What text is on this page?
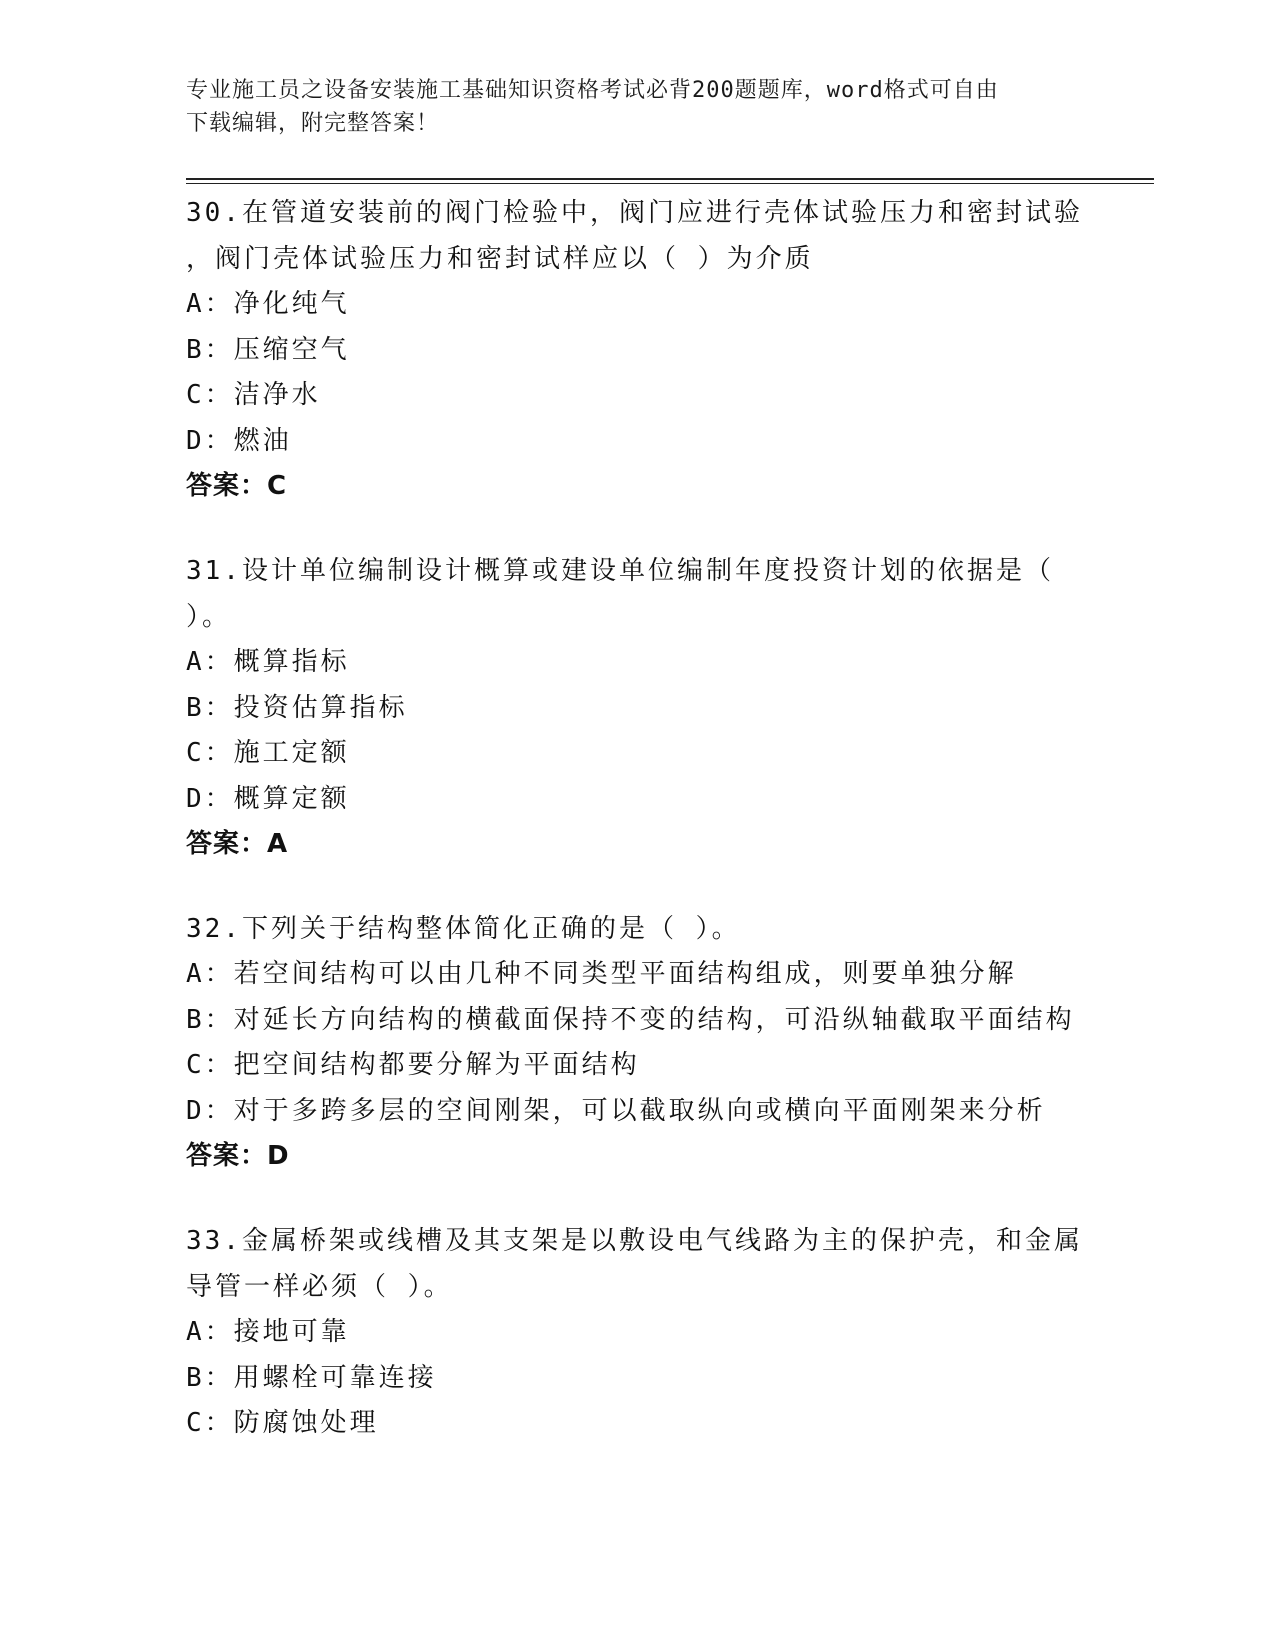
专业施工员之设备安装施工基础知识资格考试必背200题题库，word格式可自由
下载编辑，附完整答案！
30.在管道安装前的阀门检验中，阀门应进行壳体试验压力和密封试验
，阀门壳体试验压力和密封试样应以（ ）为介质
A：净化纯气
B：压缩空气
C：洁净水
D：燃油
答案：C
31.设计单位编制设计概算或建设单位编制年度投资计划的依据是（
）。
A：概算指标
B：投资估算指标
C：施工定额
D：概算定额
答案：A
32.下列关于结构整体简化正确的是（ ）。
A：若空间结构可以由几种不同类型平面结构组成，则要单独分解
B：对延长方向结构的横截面保持不变的结构，可沿纵轴截取平面结构
C：把空间结构都要分解为平面结构
D：对于多跨多层的空间刚架，可以截取纵向或横向平面刚架来分析
答案：D
33.金属桥架或线槽及其支架是以敷设电气线路为主的保护壳，和金属
导管一样必须（ ）。
A：接地可靠
B：用螺栓可靠连接
C：防腐蚀处理
